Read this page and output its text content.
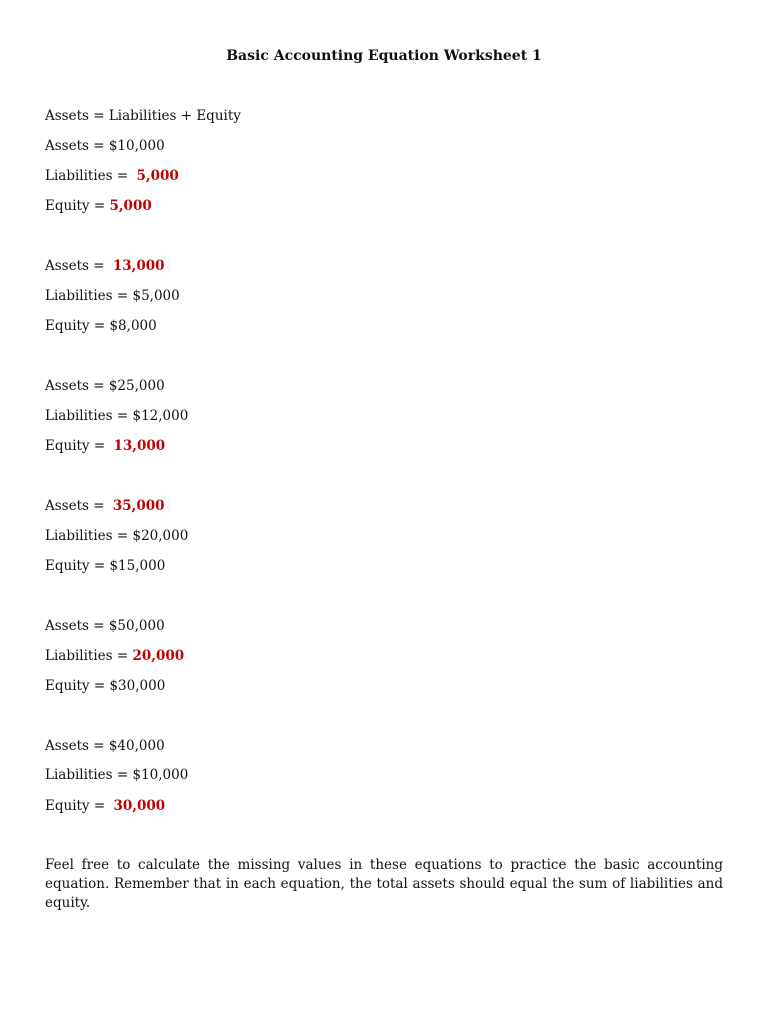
Basic Accounting Equation Worksheet 1
Assets = Liabilities + Equity
Assets = $10,000
Liabilities = 5,000
Equity = 5,000
Assets = 13,000
Liabilities = $5,000
Equity = $8,000
Assets = $25,000
Liabilities = $12,000
Equity = 13,000
Assets = 35,000
Liabilities = $20,000
Equity = $15,000
Assets = $50,000
Liabilities = 20,000
Equity = $30,000
Assets = $40,000
Liabilities = $10,000
Equity = 30,000
Feel free to calculate the missing values in these equations to practice the basic accounting equation. Remember that in each equation, the total assets should equal the sum of liabilities and equity.
